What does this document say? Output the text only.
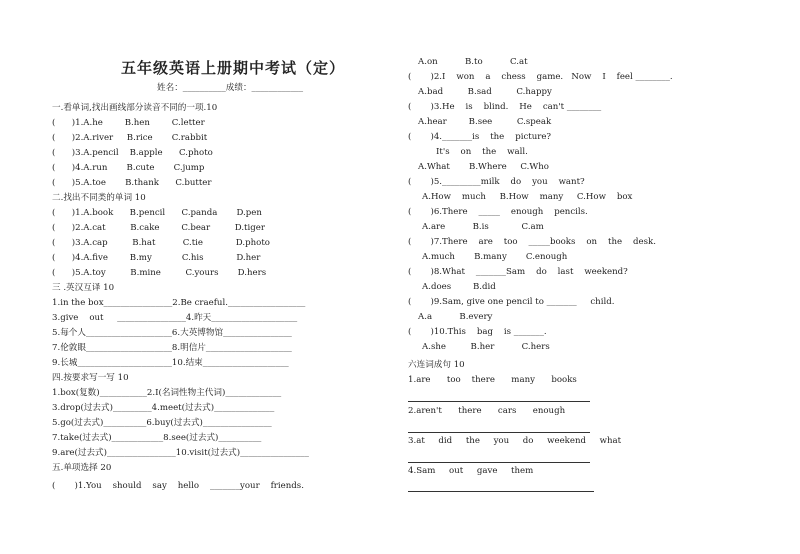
五年级英语上册期中考试（定）
姓名：__________成绩：____________
一.看单词,找出画线部分读音不同的一项.10
(      )1.A.he        B.hen        C.letter
(      )2.A.river     B.rice       C.rabbit
(      )3.A.pencil    B.apple      C.photo
(      )4.A.run       B.cute       C.jump
(      )5.A.toe       B.thank      C.butter
二.找出不同类的单词 10
(      )1.A.book      B.pencil      C.panda       D.pen
(      )2.A.cat         B.cake        C.bear         D.tiger
(      )3.A.cap         B.hat          C.tie            D.photo
(      )4.A.five        B.my           C.his            D.her
(      )5.A.toy         B.mine         C.yours       D.hers
三 .英汉互译 10
1.in the box________________2.Be craeful.__________________
3.give    out     ________________4.昨天____________________
5.每个人____________________6.大英博物馆________________
7.伦敦眼____________________8.明信片____________________
9.长城______________________10.结束____________________
四.按要求写一写 10
1.box(复数)___________2.I(名词性物主代词)_____________
3.drop(过去式)_________4.meet(过去式)______________
5.go(过去式)__________6.buy(过去式)________________
7.take(过去式)____________8.see(过去式)__________
9.are(过去式)________________10.visit(过去式)________________
五.单项选择 20
(       )1.You    should    say    hello    _______your    friends.
A.on          B.to          C.at
(       )2.I    won    a    chess    game.   Now    I    feel ________.
A.bad         B.sad         C.happy
(       )3.He    is    blind.    He    can't ________
A.hear        B.see         C.speak
(       )4._______is    the    picture?
It's    on    the    wall.
A.What       B.Where     C.Who
(       )5._________milk    do    you    want?
A.How    much     B.How    many     C.How    box
(       )6.There    _____    enough    pencils.
A.are          B.is            C.am
(       )7.There    are    too    _____books    on    the    desk.
A.much       B.many       C.enough
(       )8.What    _______Sam    do    last    weekend?
A.does        B.did
(       )9.Sam, give one pencil to _______     child.
A.a          B.every
(       )10.This    bag    is _______.
A.she         B.her          C.hers
六连词成句 10
1.are      too    there      many      books
2.aren't      there      cars      enough
3.at     did     the     you     do     weekend     what
4.Sam     out     gave     them
